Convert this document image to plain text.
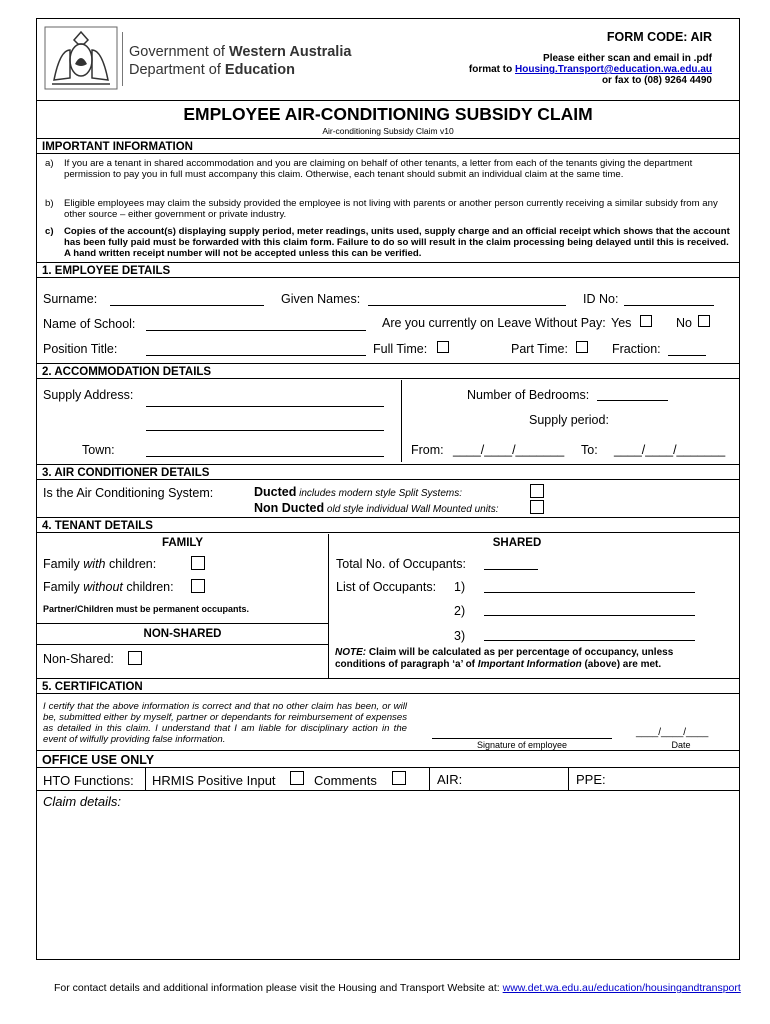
Government of Western Australia
Department of Education
FORM CODE: AIR
Please either scan and email in .pdf
format to Housing.Transport@education.wa.edu.au
or fax to (08) 9264 4490
EMPLOYEE AIR-CONDITIONING SUBSIDY CLAIM
Air-conditioning Subsidy Claim v10
IMPORTANT INFORMATION
a) If you are a tenant in shared accommodation and you are claiming on behalf of other tenants, a letter from each of the tenants giving the department permission to pay you in full must accompany this claim. Otherwise, each tenant should submit an individual claim at the same time.
b) Eligible employees may claim the subsidy provided the employee is not living with parents or another person currently receiving a similar subsidy from any other source – either government or private industry.
c) Copies of the account(s) displaying supply period, meter readings, units used, supply charge and an official receipt which shows that the account has been fully paid must be forwarded with this claim form. Failure to do so will result in the claim processing being delayed until this is received. A hand written receipt number will not be accepted unless this can be verified.
1. EMPLOYEE DETAILS
Surname:	Given Names:	ID No:
Name of School:	Are you currently on Leave Without Pay: Yes	No
Position Title:	Full Time:	Part Time:	Fraction:
2. ACCOMMODATION DETAILS
Supply Address:
Town:
Number of Bedrooms:
Supply period:
From: ____/____/_______ To: ____/____/_______
3. AIR CONDITIONER DETAILS
Is the Air Conditioning System:	Ducted includes modern style Split Systems:
Non Ducted old style individual Wall Mounted units:
4. TENANT DETAILS
FAMILY	SHARED
Family with children:
Family without children:
Partner/Children must be permanent occupants.
NON-SHARED
Non-Shared:
Total No. of Occupants:
List of Occupants: 1)
2)
3)
NOTE: Claim will be calculated as per percentage of occupancy, unless
conditions of paragraph ‘a’ of Important Information (above) are met.
5. CERTIFICATION
I certify that the above information is correct and that no other claim has been, or will be, submitted either by myself, partner or dependants for reimbursement of expenses as detailed in this claim. I understand that I am liable for disciplinary action in the event of wilfully providing false information.	Signature of employee
____/____/____
Date
OFFICE USE ONLY
HTO Functions: HRMIS Positive Input	Comments	AIR:	PPE:
Claim details:
For contact details and additional information please visit the Housing and Transport Website at: www.det.wa.edu.au/education/housingandtransport
